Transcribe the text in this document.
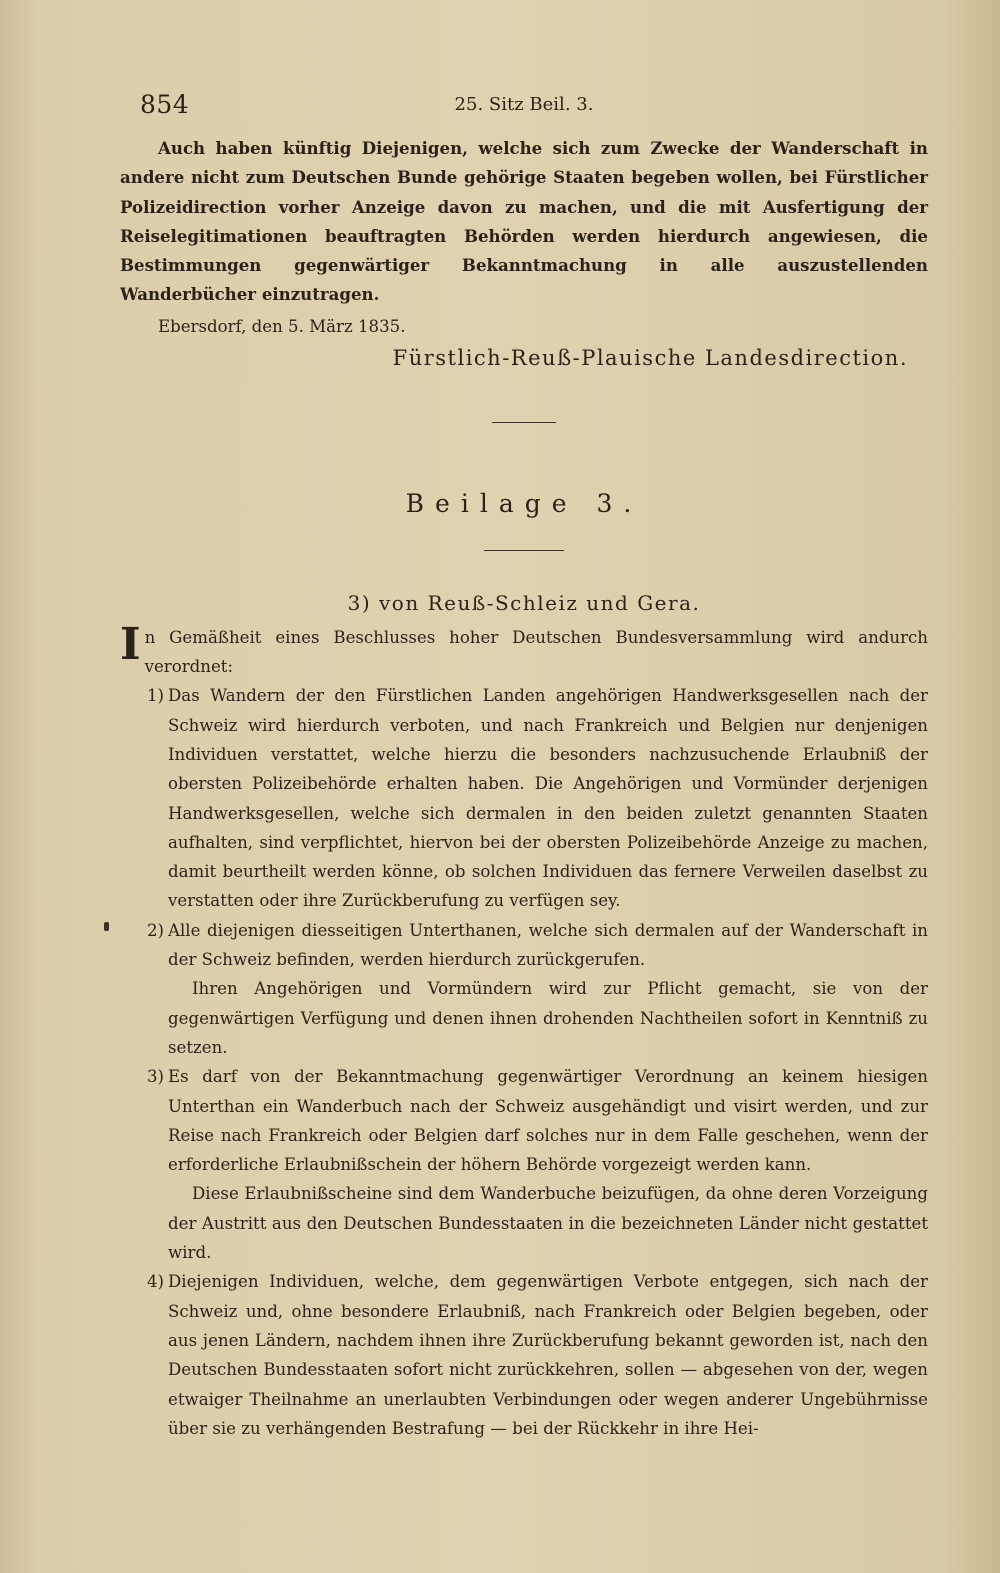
854	25. Sitz Beil. 3.

Auch haben künftig Diejenigen, welche sich zum Zwecke der Wanderschaft in andere nicht zum Deutschen Bunde gehörige Staaten begeben wollen, bei Fürstlicher Polizeidirection vorher Anzeige davon zu machen, und die mit Ausfertigung der Reiselegitimationen beauftragten Behörden werden hierdurch angewiesen, die Bestimmungen gegenwärtiger Bekanntmachung in alle auszustellenden Wanderbücher einzutragen.

Ebersdorf, den 5. März 1835.

Fürstlich-Reuß-Plauische Landesdirection.

Beilage 3.
3) von Reuß-Schleiz und Gera.
In Gemäßheit eines Beschlusses hoher Deutschen Bundesversammlung wird andurch verordnet:
1) Das Wandern der den Fürstlichen Landen angehörigen Handwerksgesellen nach der Schweiz wird hierdurch verboten, und nach Frankreich und Belgien nur denjenigen Individuen verstattet, welche hierzu die besonders nachzusuchende Erlaubniß der obersten Polizeibehörde erhalten haben. Die Angehörigen und Vormünder derjenigen Handwerksgesellen, welche sich dermalen in den beiden zuletzt genannten Staaten aufhalten, sind verpflichtet, hiervon bei der obersten Polizeibehörde Anzeige zu machen, damit beurtheilt werden könne, ob solchen Individuen das fernere Verweilen daselbst zu verstatten oder ihre Zurückberufung zu verfügen sey.

2) Alle diejenigen diesseitigen Unterthanen, welche sich dermalen auf der Wanderschaft in der Schweiz befinden, werden hierdurch zurückgerufen.

Ihren Angehörigen und Vormündern wird zur Pflicht gemacht, sie von der gegenwärtigen Verfügung und denen ihnen drohenden Nachtheilen sofort in Kenntniß zu setzen.

3) Es darf von der Bekanntmachung gegenwärtiger Verordnung an keinem hiesigen Unterthan ein Wanderbuch nach der Schweiz ausgehändigt und visirt werden, und zur Reise nach Frankreich oder Belgien darf solches nur in dem Falle geschehen, wenn der erforderliche Erlaubnißschein der höhern Behörde vorgezeigt werden kann.

Diese Erlaubnißscheine sind dem Wanderbuche beizufügen, da ohne deren Vorzeigung der Austritt aus den Deutschen Bundesstaaten in die bezeichneten Länder nicht gestattet wird.

4) Diejenigen Individuen, welche, dem gegenwärtigen Verbote entgegen, sich nach der Schweiz und, ohne besondere Erlaubniß, nach Frankreich oder Belgien begeben, oder aus jenen Ländern, nachdem ihnen ihre Zurückberufung bekannt geworden ist, nach den Deutschen Bundesstaaten sofort nicht zurückkehren, sollen — abgesehen von der, wegen etwaiger Theilnahme an unerlaubten Verbindungen oder wegen anderer Ungebührnisse über sie zu verhängenden Bestrafung — bei der Rückkehr in ihre Hei-
